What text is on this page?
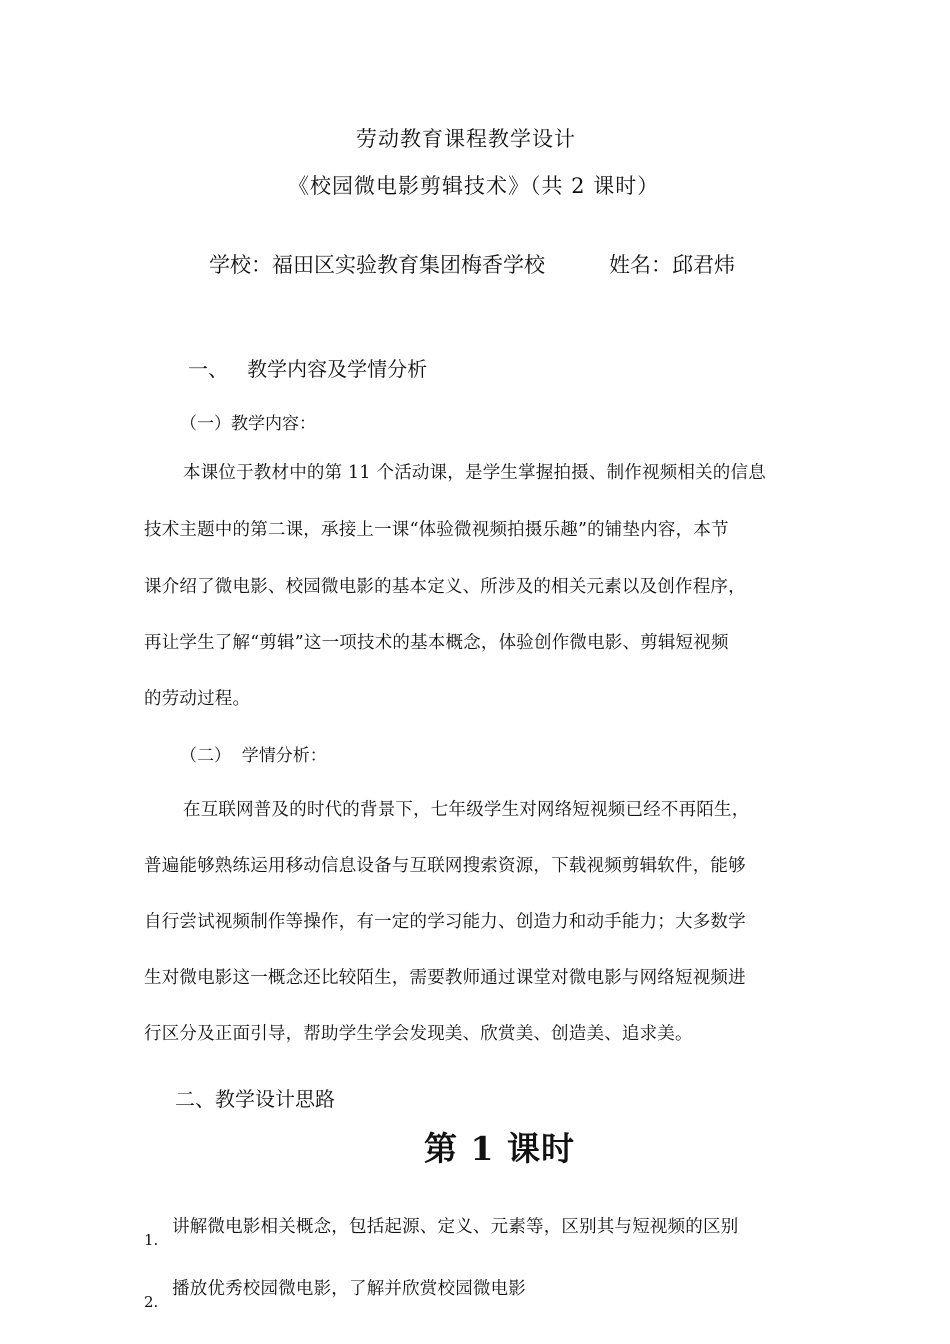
劳动教育课程教学设计
《校园微电影剪辑技术》（共 2 课时）
学校：福田区实验教育集团梅香学校	姓名：邱君炜
一、   教学内容及学情分析
（一）教学内容：
本课位于教材中的第 11 个活动课，是学生掌握拍摄、制作视频相关的信息
技术主题中的第二课，承接上一课“体验微视频拍摄乐趣”的铺垫内容，本节
课介绍了微电影、校园微电影的基本定义、所涉及的相关元素以及创作程序，
再让学生了解“剪辑”这一项技术的基本概念，体验创作微电影、剪辑短视频
的劳动过程。
（二）  学情分析：
在互联网普及的时代的背景下，七年级学生对网络短视频已经不再陌生，
普遍能够熟练运用移动信息设备与互联网搜索资源，下载视频剪辑软件，能够
自行尝试视频制作等操作，有一定的学习能力、创造力和动手能力；大多数学
生对微电影这一概念还比较陌生，需要教师通过课堂对微电影与网络短视频进
行区分及正面引导，帮助学生学会发现美、欣赏美、创造美、追求美。
二、教学设计思路
第 1 课时
讲解微电影相关概念，包括起源、定义、元素等，区别其与短视频的区别
1.
播放优秀校园微电影，了解并欣赏校园微电影
2.
